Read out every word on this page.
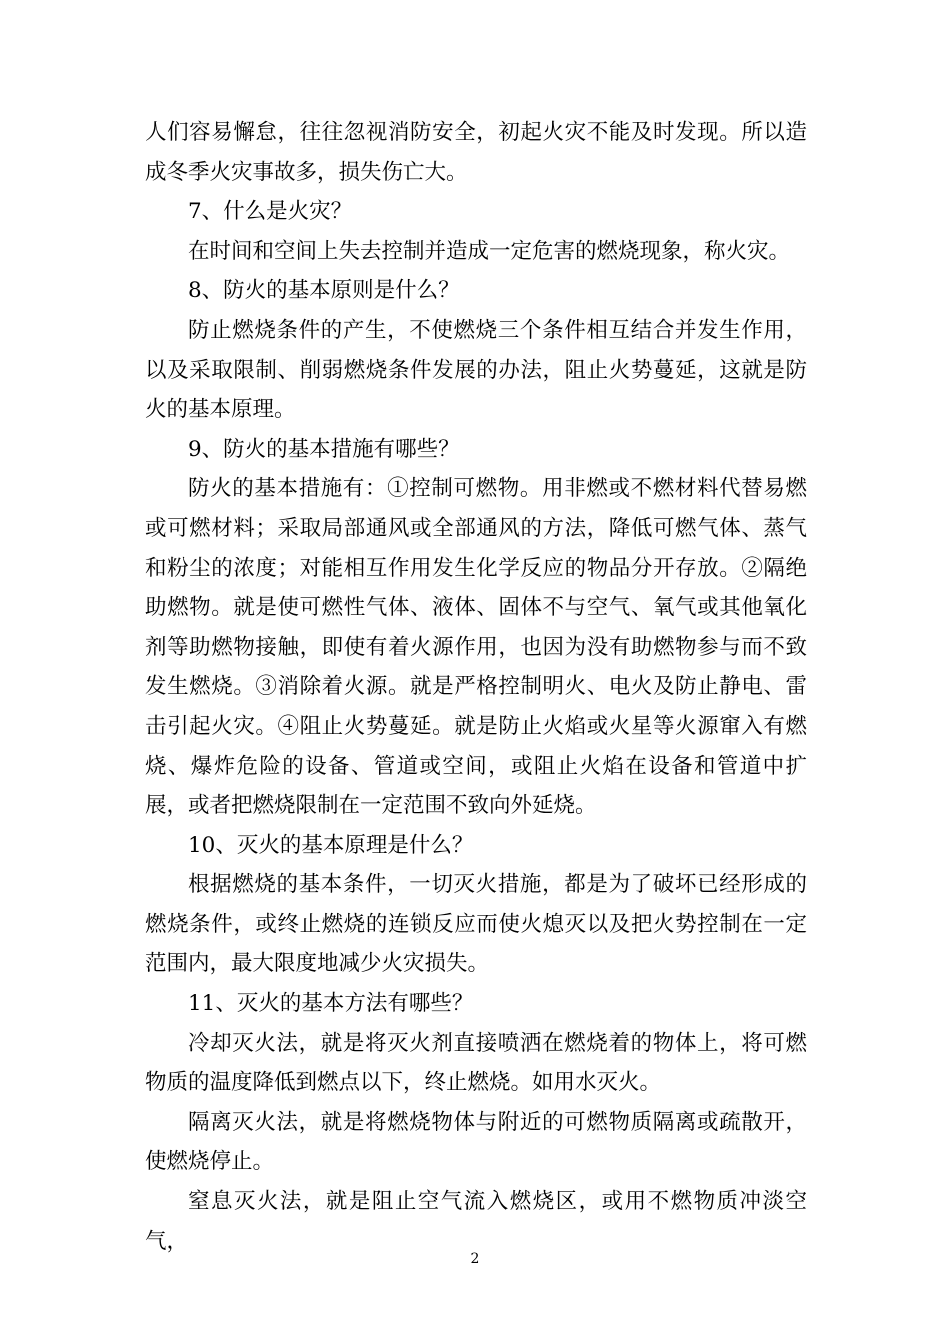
人们容易懈怠，往往忽视消防安全，初起火灾不能及时发现。所以造成冬季火灾事故多，损失伤亡大。

7、什么是火灾？

在时间和空间上失去控制并造成一定危害的燃烧现象，称火灾。

8、防火的基本原则是什么？

防止燃烧条件的产生，不使燃烧三个条件相互结合并发生作用，以及采取限制、削弱燃烧条件发展的办法，阻止火势蔓延，这就是防火的基本原理。

9、防火的基本措施有哪些？

防火的基本措施有：①控制可燃物。用非燃或不燃材料代替易燃或可燃材料；采取局部通风或全部通风的方法，降低可燃气体、蒸气和粉尘的浓度；对能相互作用发生化学反应的物品分开存放。②隔绝助燃物。就是使可燃性气体、液体、固体不与空气、氧气或其他氧化剂等助燃物接触，即使有着火源作用，也因为没有助燃物参与而不致发生燃烧。③消除着火源。就是严格控制明火、电火及防止静电、雷击引起火灾。④阻止火势蔓延。就是防止火焰或火星等火源窜入有燃烧、爆炸危险的设备、管道或空间，或阻止火焰在设备和管道中扩展，或者把燃烧限制在一定范围不致向外延烧。

10、灭火的基本原理是什么？

根据燃烧的基本条件，一切灭火措施，都是为了破坏已经形成的燃烧条件，或终止燃烧的连锁反应而使火熄灭以及把火势控制在一定范围内，最大限度地减少火灾损失。

11、灭火的基本方法有哪些？

冷却灭火法，就是将灭火剂直接喷洒在燃烧着的物体上，将可燃物质的温度降低到燃点以下，终止燃烧。如用水灭火。

隔离灭火法，就是将燃烧物体与附近的可燃物质隔离或疏散开，使燃烧停止。

窒息灭火法，就是阻止空气流入燃烧区，或用不燃物质冲淡空气，

2
